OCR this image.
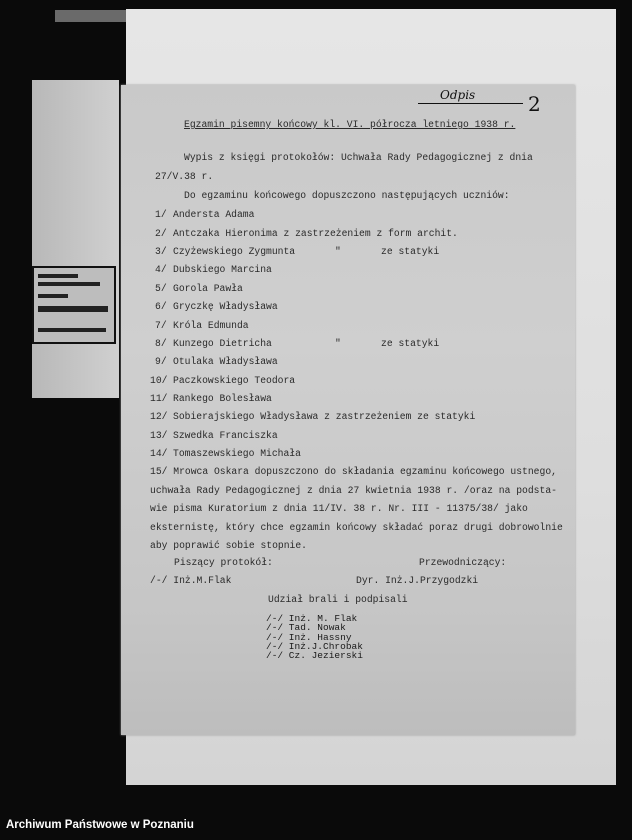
Odpis	2
Egzamin pisemny końcowy kl. VI. półrocza letniego 1938 r.
Wypis z księgi protokołów: Uchwała Rady Pedagogicznej z dnia
27/V.38 r.
Do egzaminu końcowego dopuszczono następujących uczniów:
1/ Andersta Adama
2/ Antczaka Hieronima z zastrzeżeniem z form archit.
3/ Czyżewskiego Zygmunta	"	ze statyki
4/ Dubskiego Marcina
5/ Gorola Pawła
6/ Gryczkę Władysława
7/ Króla Edmunda
8/ Kunzego Dietricha	"	ze statyki
9/ Otulaka Władysława
10/ Paczkowskiego Teodora
11/ Rankego Bolesława
12/ Sobierajskiego Władysława z zastrzeżeniem ze statyki
13/ Szwedka Franciszka
14/ Tomaszewskiego Michała
15/ Mrowca Oskara dopuszczono do składania egzaminu końcowego ustnego,
uchwała Rady Pedagogicznej z dnia 27 kwietnia 1938 r. /oraz na podsta-
wie pisma Kuratorium z dnia 11/IV. 38 r. Nr. III - 11375/38/ jako
eksternistę, który chce egzamin końcowy składać poraz drugi dobrowolnie
aby poprawić sobie stopnie.
Piszący protokół:	Przewodniczący:
/-/ Inż.M.Flak	Dyr. Inż.J.Przygodzki
Udział brali i podpisali
/-/ Inż. M. Flak
/-/ Tad. Nowak
/-/ Inż. Hassny
/-/ Inż.J.Chrobak
/-/ Cz. Jezierski
Archiwum Państwowe w Poznaniu
